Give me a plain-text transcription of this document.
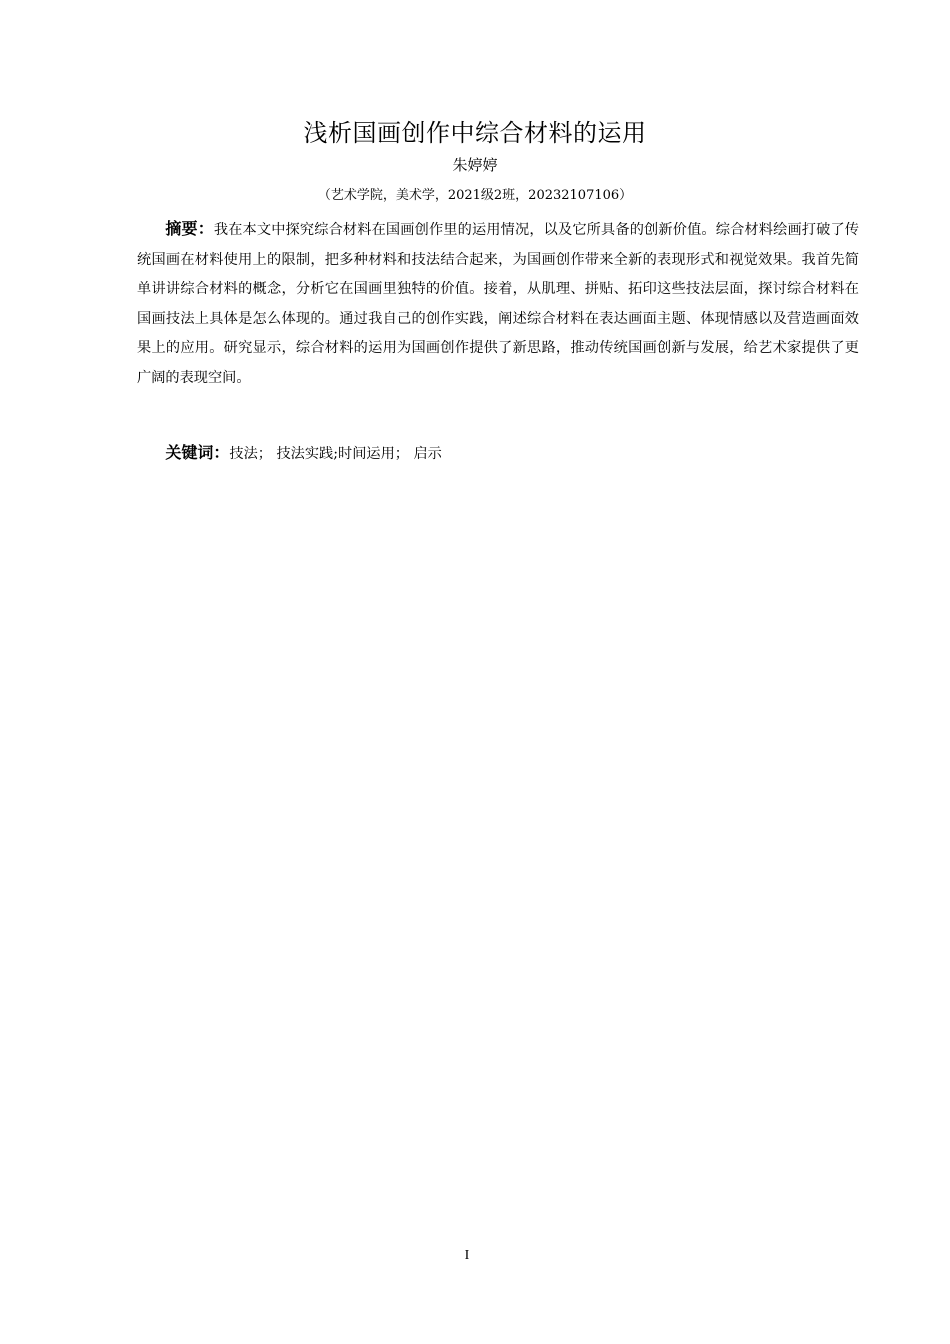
浅析国画创作中综合材料的运用
朱婷婷
（艺术学院，美术学，2021级2班，20232107106）

摘要：我在本文中探究综合材料在国画创作里的运用情况，以及它所具备的创新价值。综合材料绘画打破了传统国画在材料使用上的限制，把多种材料和技法结合起来，为国画创作带来全新的表现形式和视觉效果。我首先简单讲讲综合材料的概念，分析它在国画里独特的价值。接着，从肌理、拼贴、拓印这些技法层面，探讨综合材料在国画技法上具体是怎么体现的。通过我自己的创作实践，阐述综合材料在表达画面主题、体现情感以及营造画面效果上的应用。研究显示，综合材料的运用为国画创作提供了新思路，推动传统国画创新与发展，给艺术家提供了更广阔的表现空间。

关键词：技法； 技法实践;时间运用； 启示

I
